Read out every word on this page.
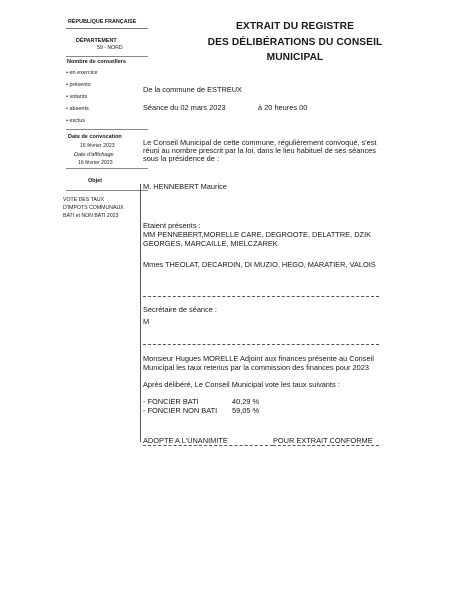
RÉPUBLIQUE FRANÇAISE
DÉPARTEMENT
59 - NORD
EXTRAIT DU REGISTRE
DES DÉLIBÉRATIONS DU CONSEIL
MUNICIPAL
Nombre de conseillers
• en exercice
• présents
• votants
• absents
• exclus
Date de convocation
16 février 2023
Date d'affichage
16 février 2023
Objet
VOTE DES TAUX
D'IMPOTS COMMUNAUX
BATI et NON BATI 2023
De la commune de ESTREUX
Séance du 02 mars 2023	à 20 heures 00
Le Conseil Municipal de cette commune, régulièrement convoqué, s'est
réuni au nombre prescrit par la loi, dans le lieu habituel de ses séances
sous la présidence de :
M. HENNEBERT Maurice
Etaient présents :
MM PENNEBERT,MORELLE CARE, DEGROOTE, DELATTRE, DZIK
GEORGES, MARCAILLE, MIELCZAREK
Mmes THEOLAT, DECARDIN, DI MUZIO, HEGO, MARATIER, VALOIS
Secrétaire de séance :
M
Monsieur Hugues MORELLE Adjoint aux finances présente au Conseil
Municipal les taux retenus par la commission des finances pour 2023
Après délibéré, Le Conseil Municipal vote les taux suivants :
- FONCIER BATI	40,29 %
- FONCIER NON BATI 59,05 %
ADOPTE A L'UNANIMITE	POUR EXTRAIT CONFORME
